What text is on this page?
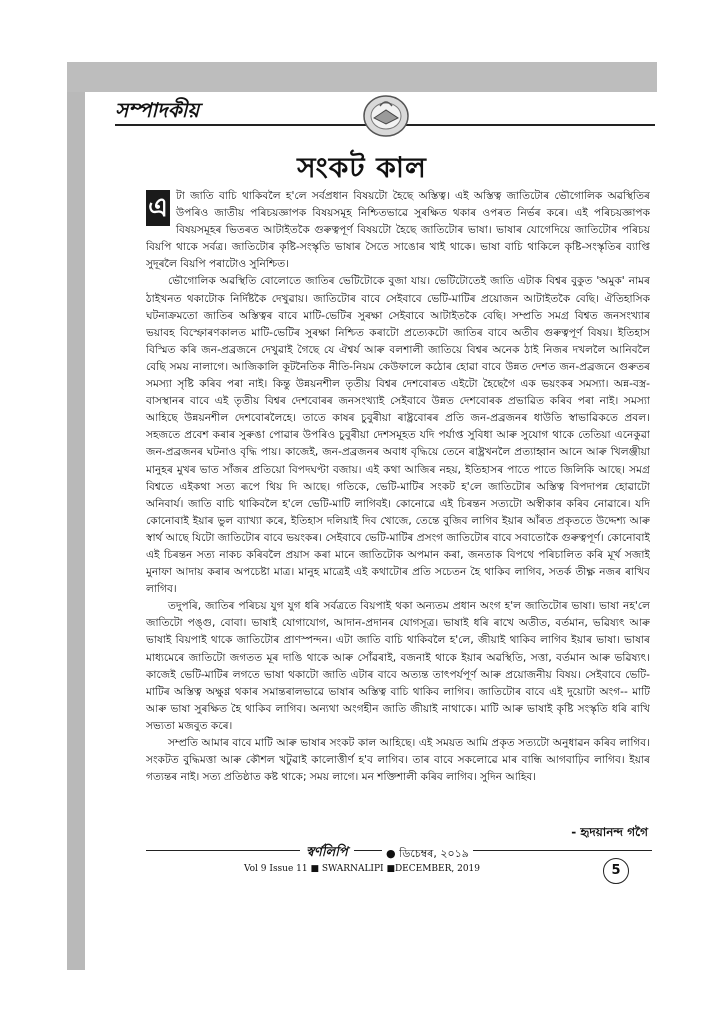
সম্পাদকীয়
সংকট কাল

এ টা জাতি বাচি থাকিবলৈ হ'লে সৰ্বপ্ৰধান বিষয়টো হৈছে অস্তিত্ব। এই অস্তিত্ব জাতিটোৰ ভৌগোলিক অৱস্থিতিৰ উপৰিও জাতীয় পৰিচয়জ্ঞাপক বিষয়সমূহ নিশ্চিতভাৱে সুৰক্ষিত থকাৰ ওপৰত নিৰ্ভৰ কৰে। এই পৰিচয়জ্ঞাপক বিষয়সমূহৰ ভিতৰত আটাইতকৈ গুৰুত্বপূৰ্ণ বিষয়টো হৈছে জাতিটোৰ ভাষা। ভাষাৰ যোগেদিয়ে জাতিটোৰ পৰিচয় বিয়পি থাকে সৰ্বত্ৰ। জাতিটোৰ কৃষ্টি-সংস্কৃতি ভাষাৰ সৈতে সাঙোৰ খাই থাকে। ভাষা বাচি থাকিলে কৃষ্টি-সংস্কৃতিৰ ব্যাপ্তি সুদূৰলৈ বিয়পি পৰাটোও সুনিশ্চিত।

ভৌগোলিক অৱস্থিতি বোলোতে জাতিৰ ভেটিটোকে বুজা যায়। ভেটিটোতেই জাতি এটাক বিশ্বৰ বুকুত 'অমুক' নামৰ ঠাইখনত থকাটোক নিৰ্দিষ্টকৈ দেখুৱায়। জাতিটোৰ বাবে সেইবাবে ভেটি-মাটিৰ প্ৰয়োজন আটাইতকৈ বেছি। ঐতিহাসিক ঘটনাক্ৰমতো জাতিৰ অস্তিত্বৰ বাবে মাটি-ভেটিৰ সুৰক্ষা সেইবাবে আটাইতকৈ বেছি। সম্প্ৰতি সমগ্ৰ বিশ্বত জনসংখ্যাৰ ভয়াবহ বিস্ফোৰণকালত মাটি-ভেটিৰ সুৰক্ষা নিশ্চিত কৰাটো প্ৰত্যেকটো জাতিৰ বাবে অতীব গুৰুত্বপূৰ্ণ বিষয়। ইতিহাস বিস্মিত কৰি জন-প্ৰব্ৰজনে দেখুৱাই গৈছে যে ঐশ্বৰ্য আৰু বলশালী জাতিয়ে বিশ্বৰ অনেক ঠাই নিজৰ দখললৈ আনিবলৈ বেছি সময় নালাগে। আজিকালি কূটনৈতিক নীতি-নিয়ম কেউফালে কঠোৰ হোৱা বাবে উন্নত দেশত জন-প্ৰব্ৰজনে গুৰুতৰ সমস্যা সৃষ্টি কৰিব পৰা নাই। কিন্তু উন্নয়নশীল তৃতীয় বিশ্বৰ দেশবোৰত এইটো হৈছেগৈ এক ভয়ংকৰ সমস্যা। অন্ন-বস্ত্ৰ-বাসস্থানৰ বাবে এই তৃতীয় বিশ্বৰ দেশবোৰৰ জনসংখ্যাই সেইবাবে উন্নত দেশবোৰক প্ৰভাৱিত কৰিব পৰা নাই। সমস্যা আহিছে উন্নয়নশীল দেশবোৰলৈহে। তাতে কাষৰ চুবুৰীয়া ৰাষ্ট্ৰবোৰৰ প্ৰতি জন-প্ৰব্ৰজনৰ ধাউতি স্বাভাৱিকতে প্ৰবল। সহজতে প্ৰবেশ কৰাৰ সুৰুঙা পোৱাৰ উপৰিও চুবুৰীয়া দেশসমূহত যদি পৰ্যাপ্ত সুবিধা আৰু সুযোগ থাকে তেতিয়া এনেকুৱা জন-প্ৰব্ৰজনৰ ঘটনাও বৃদ্ধি পায়। কাজেই, জন-প্ৰব্ৰজনৰ অবাধ বৃদ্ধিয়ে তেনে ৰাষ্ট্ৰখনলৈ প্ৰত্যাহ্বান আনে আৰু খিলঞ্জীয়া মানুহৰ মুখৰ ভাত সাঁজৰ প্ৰতিয়ো বিপদঘণ্টা বজায়। এই কথা আজিৰ নহয়, ইতিহাসৰ পাতে পাতে জিলিকি আছে। সমগ্ৰ বিশ্বতে এইকথা সত্য ৰূপে থিয় দি আছে। গতিকে, ভেটি-মাটিৰ সংকট হ'লে জাতিটোৰ অস্তিত্ব বিপদাপন্ন হোৱাটো অনিবাৰ্য। জাতি বাচি থাকিবলৈ হ'লে ভেটি-মাটি লাগিবই। কোনোৱে এই চিৰন্তন সত্যটো অস্বীকাৰ কৰিব নোৱাৰে। যদি কোনোবাই ইয়াৰ ভুল ব্যাখ্যা কৰে, ইতিহাস দলিয়াই দিব খোজে, তেন্তে বুজিব লাগিব ইয়াৰ আঁৰত প্ৰকৃততে উদ্দেশ্য আৰু স্বাৰ্থ আছে যিটো জাতিটোৰ বাবে ভয়ংকৰ। সেইবাবে ভেটি-মাটিৰ প্ৰসংগ জাতিটোৰ বাবে সবাতোকৈ গুৰুত্বপূৰ্ণ। কোনোবাই এই চিৰন্তন সত্য নাকচ কৰিবলৈ প্ৰয়াস কৰা মানে জাতিটোক অপমান কৰা, জনতাক বিপথে পৰিচালিত কৰি মূৰ্খ সজাই মুনাফা আদায় কৰাৰ অপচেষ্টা মাত্ৰ। মানুহ মাত্ৰেই এই কথাটোৰ প্ৰতি সচেতন হৈ থাকিব লাগিব, সতৰ্ক তীক্ষ্ণ নজৰ ৰাখিব লাগিব।

তদুপৰি, জাতিৰ পৰিচয় যুগ যুগ ধৰি সৰ্বত্ৰতে বিয়পাই থকা অন্যতম প্ৰধান অংগ হ'ল জাতিটোৰ ভাষা। ভাষা নহ'লে জাতিটো পঙ্গু, বোবা। ভাষাই যোগাযোগ, আদান-প্ৰদানৰ যোগসূত্ৰ। ভাষাই ধৰি ৰাখে অতীত, বৰ্তমান, ভৱিষ্যৎ আৰু ভাষাই বিয়পাই থাকে জাতিটোৰ প্ৰাণস্পন্দন। এটা জাতি বাচি থাকিবলৈ হ'লে, জীয়াই থাকিব লাগিব ইয়াৰ ভাষা। ভাষাৰ মাধ্যমেৰে জাতিটো জগতত মূৰ দাঙি থাকে আৰু সোঁৱৰাই, বজনাই থাকে ইয়াৰ অৱস্থিতি, সত্তা, বৰ্তমান আৰু ভৱিষ্যৎ। কাজেই ভেটি-মাটিৰ লগতে ভাষা থকাটো জাতি এটাৰ বাবে অত্যন্ত তাৎপৰ্যপূৰ্ণ আৰু প্ৰয়োজনীয় বিষয়। সেইবাবে ভেটি-মাটিৰ অস্তিত্ব অক্ষুণ্ণ থকাৰ সমান্তৰালভাৱে ভাষাৰ অস্তিত্ব বাচি থাকিব লাগিব। জাতিটোৰ বাবে এই দুয়োটা অংগ-- মাটি আৰু ভাষা সুৰক্ষিত হৈ থাকিব লাগিব। অন্যথা অংগহীন জাতি জীয়াই নাথাকে। মাটি আৰু ভাষাই কৃষ্টি সংস্কৃতি ধৰি ৰাখি সভ্যতা মজবুত কৰে।

সম্প্ৰতি আমাৰ বাবে মাটি আৰু ভাষাৰ সংকট কাল আহিছে। এই সময়ত আমি প্ৰকৃত সত্যটো অনুধাৱন কৰিব লাগিব। সংকটত বুদ্ধিমত্তা আৰু কৌশল খটুৱাই কালোত্তীৰ্ণ হ'ব লাগিব। তাৰ বাবে সকলোৱে মাৰ বান্ধি আগবাঢ়িব লাগিব। ইয়াৰ গত্যন্তৰ নাই। সত্য প্ৰতিষ্ঠাত কষ্ট থাকে; সময় লাগে। মন শক্তিশালী কৰিব লাগিব। সুদিন আহিব।

- হৃদয়ানন্দ গগৈ
স্বৰ্ণলিপি	● ডিচেম্বৰ, ২০১৯
Vol 9 Issue 11 ■ SWARNALIPI ■DECEMBER, 2019	5
